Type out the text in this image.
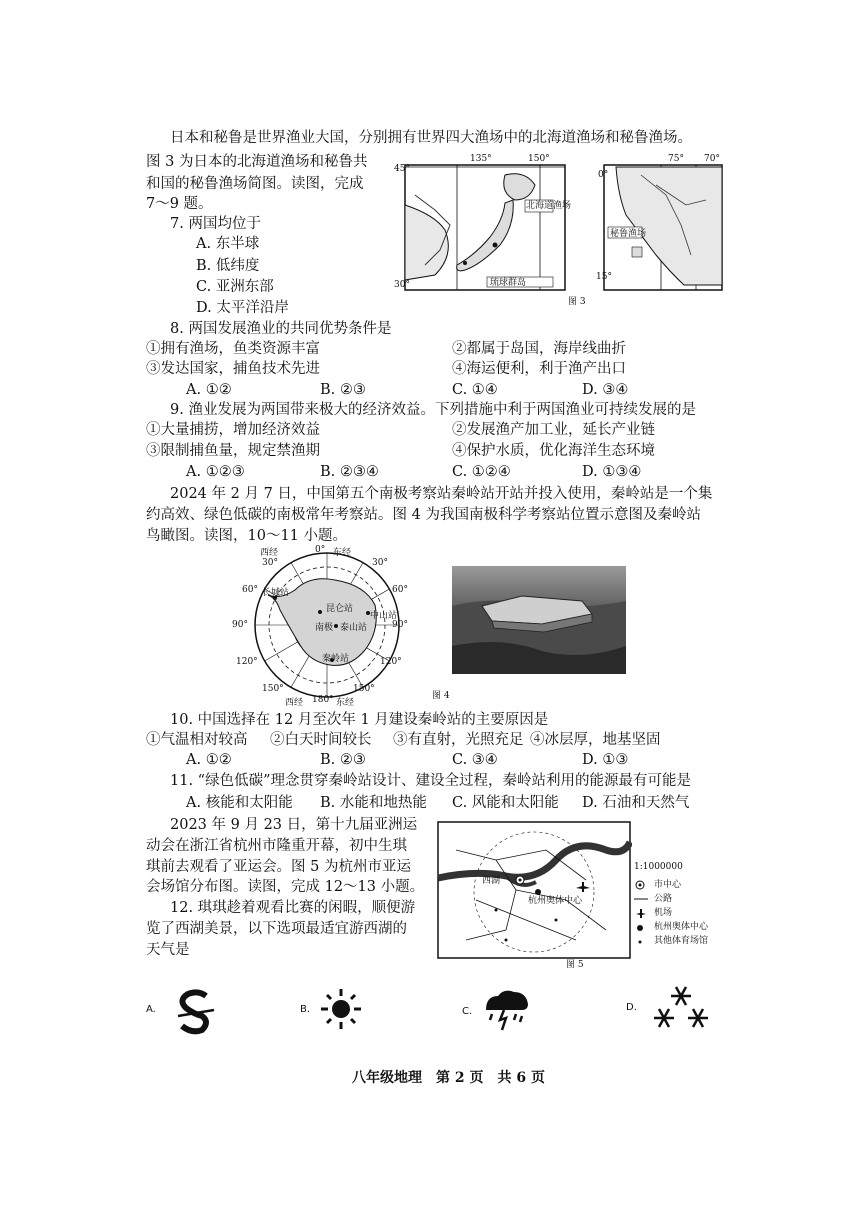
日本和秘鲁是世界渔业大国，分别拥有世界四大渔场中的北海道渔场和秘鲁渔场。
图 3 为日本的北海道渔场和秘鲁共
和国的秘鲁渔场简图。读图，完成
7～9 题。
135°	150°
45°
30°
北海道渔场
琉球群岛
75° 70°
0°
15°
秘鲁渔场
图 3
7. 两国均位于
A. 东半球
B. 低纬度
C. 亚洲东部
D. 太平洋沿岸
8. 两国发展渔业的共同优势条件是
①拥有渔场，鱼类资源丰富	②都属于岛国，海岸线曲折
③发达国家，捕鱼技术先进	④海运便利，利于渔产出口
A. ①②	B. ②③	C. ①④	D. ③④
9. 渔业发展为两国带来极大的经济效益。下列措施中利于两国渔业可持续发展的是
①大量捕捞，增加经济效益	②发展渔产加工业，延长产业链
③限制捕鱼量，规定禁渔期	④保护水质，优化海洋生态环境
A. ①②③	B. ②③④	C. ①②④	D. ①③④
2024 年 2 月 7 日，中国第五个南极考察站秦岭站开站并投入使用，秦岭站是一个集
约高效、绿色低碳的南极常年考察站。图 4 为我国南极科学考察站位置示意图及秦岭站
鸟瞰图。读图，10～11 小题。
西经	0° 东经
30°	30°
60°	60°
90°	90°
120°	120°
150°	150°
西经 180° 东经
长城站
昆仑站
中山站
泰山站
南极
秦岭站
图 4
10. 中国选择在 12 月至次年 1 月建设秦岭站的主要原因是
①气温相对较高 ②白天时间较长 ③有直射，光照充足 ④冰层厚，地基坚固
A. ①②	B. ②③	C. ③④	D. ①③
11. “绿色低碳”理念贯穿秦岭站设计、建设全过程，秦岭站利用的能源最有可能是
A. 核能和太阳能 B. 水能和地热能 C. 风能和太阳能 D. 石油和天然气
2023 年 9 月 23 日，第十九届亚洲运
动会在浙江省杭州市隆重开幕，初中生琪
琪前去观看了亚运会。图 5 为杭州市亚运
会场馆分布图。读图，完成 12～13 小题。
12. 琪琪趁着观看比赛的闲暇，顺便游
览了西湖美景，以下选项最适宜游西湖的
天气是
西湖
杭州奥体中心
图 5
1:1000000
市中心
公路
机场
杭州奥体中心
其他体育场馆
A.	B.	C.	D.
八年级地理　第 2 页　共 6 页
